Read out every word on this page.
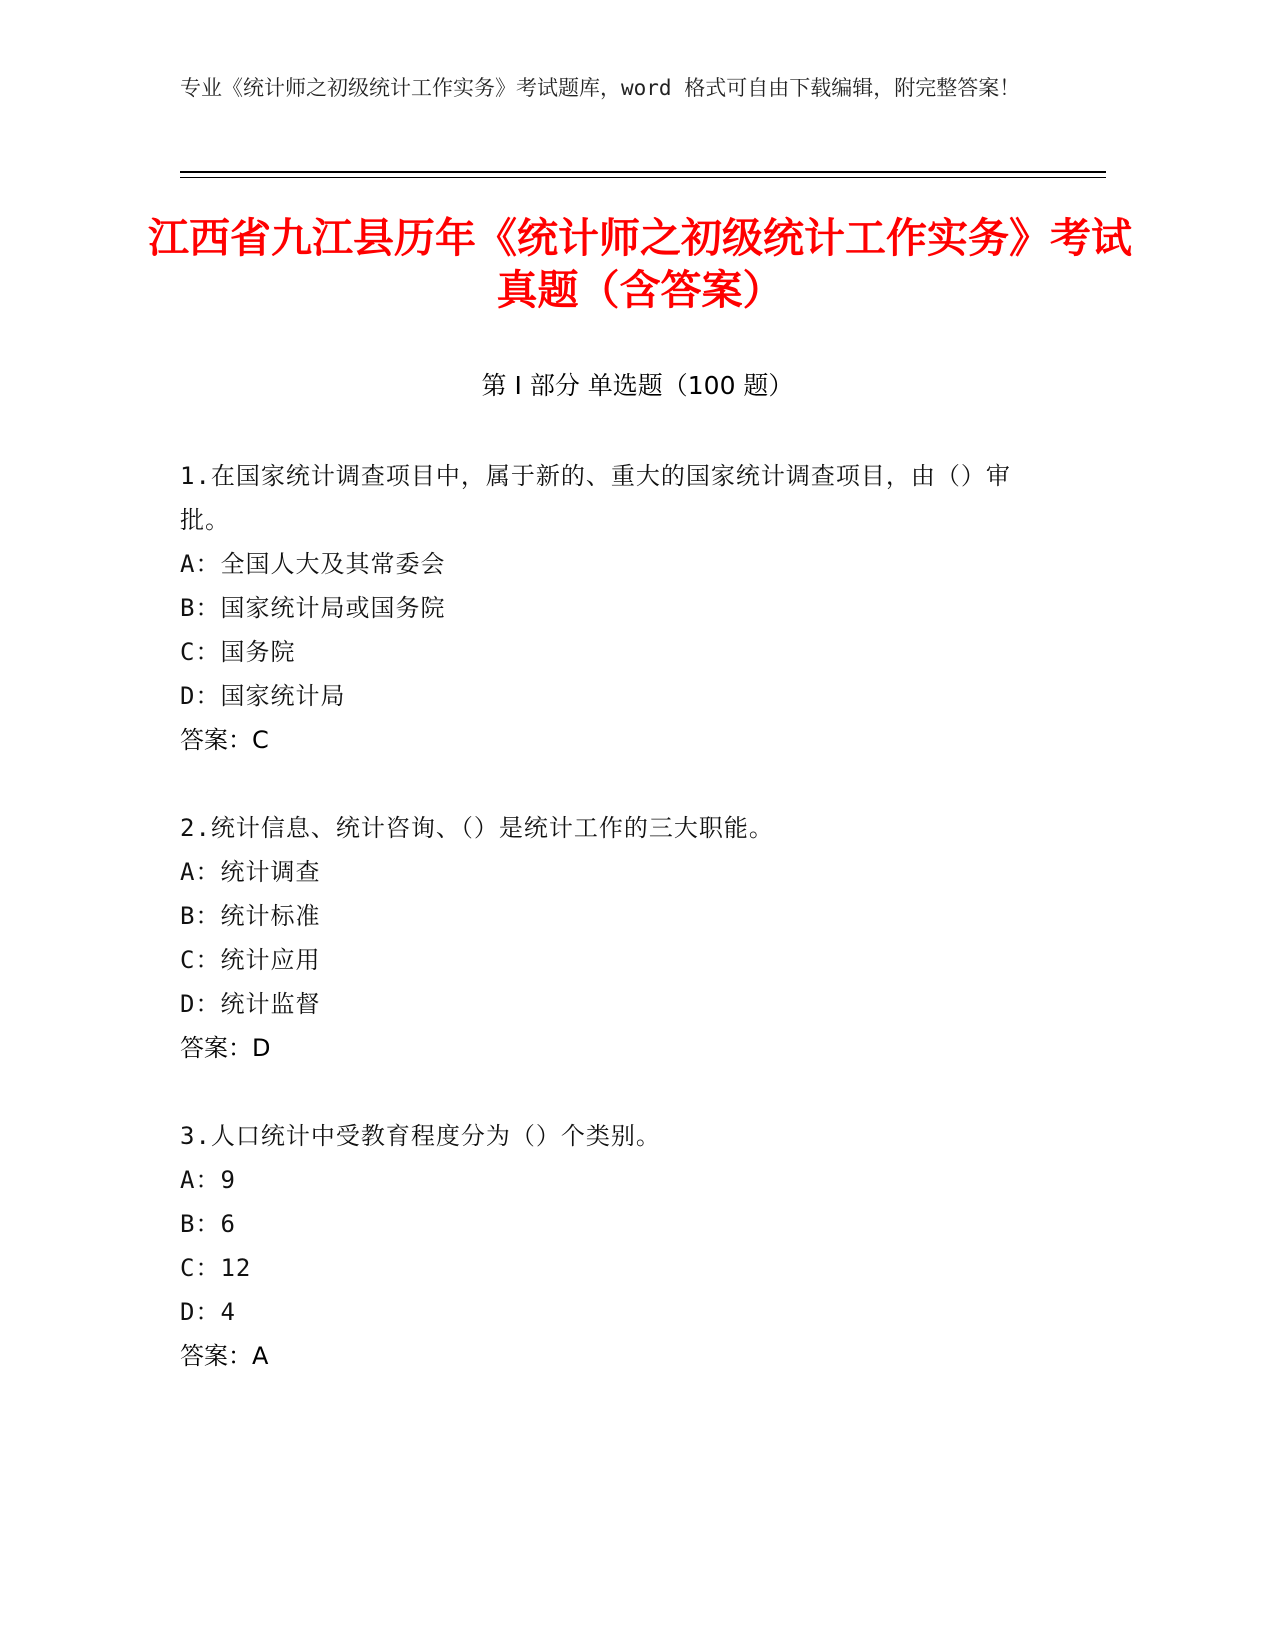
专业《统计师之初级统计工作实务》考试题库，word 格式可自由下载编辑，附完整答案！
江西省九江县历年《统计师之初级统计工作实务》考试真题（含答案）
第 I 部分 单选题（100 题）
1.在国家统计调查项目中，属于新的、重大的国家统计调查项目，由（）审批。
A： 全国人大及其常委会
B： 国家统计局或国务院
C： 国务院
D： 国家统计局
答案：C
2.统计信息、统计咨询、（）是统计工作的三大职能。
A： 统计调查
B： 统计标准
C： 统计应用
D： 统计监督
答案：D
3.人口统计中受教育程度分为（）个类别。
A： 9
B： 6
C： 12
D： 4
答案：A
